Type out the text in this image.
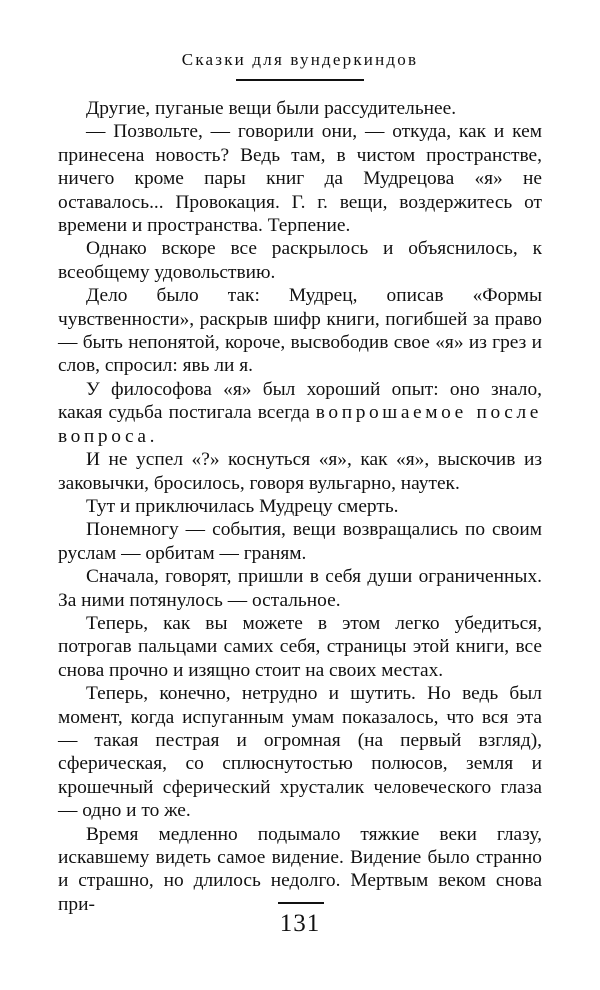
Сказки для вундеркиндов

Другие, пуганые вещи были рассудительнее.

— Позвольте, — говорили они, — откуда, как и кем принесена новость? Ведь там, в чистом пространстве, ничего кроме пары книг да Мудрецова «я» не оставалось... Провокация. Г. г. вещи, воздержитесь от времени и пространства. Терпение.

Однако вскоре все раскрылось и объяснилось, к всеобщему удовольствию.

Дело было так: Мудрец, описав «Формы чувственности», раскрыв шифр книги, погибшей за право — быть непонятой, короче, высвободив свое «я» из грез и слов, спросил: явь ли я.

У философова «я» был хороший опыт: оно знало, какая судьба постигала всегда вопрошаемое после вопроса.

И не успел «?» коснуться «я», как «я», выскочив из заковычки, бросилось, говоря вульгарно, наутек.

Тут и приключилась Мудрецу смерть.

Понемногу — события, вещи возвращались по своим руслам — орбитам — граням.

Сначала, говорят, пришли в себя души ограниченных. За ними потянулось — остальное.

Теперь, как вы можете в этом легко убедиться, потрогав пальцами самих себя, страницы этой книги, все снова прочно и изящно стоит на своих местах.

Теперь, конечно, нетрудно и шутить. Но ведь был момент, когда испуганным умам показалось, что вся эта — такая пестрая и огромная (на первый взгляд), сферическая, со сплюснутостью полюсов, земля и крошечный сферический хрусталик человеческого глаза — одно и то же.

Время медленно подымало тяжкие веки глазу, искавшему видеть самое видение. Видение было странно и страшно, но длилось недолго. Мертвым веком снова при-

131
